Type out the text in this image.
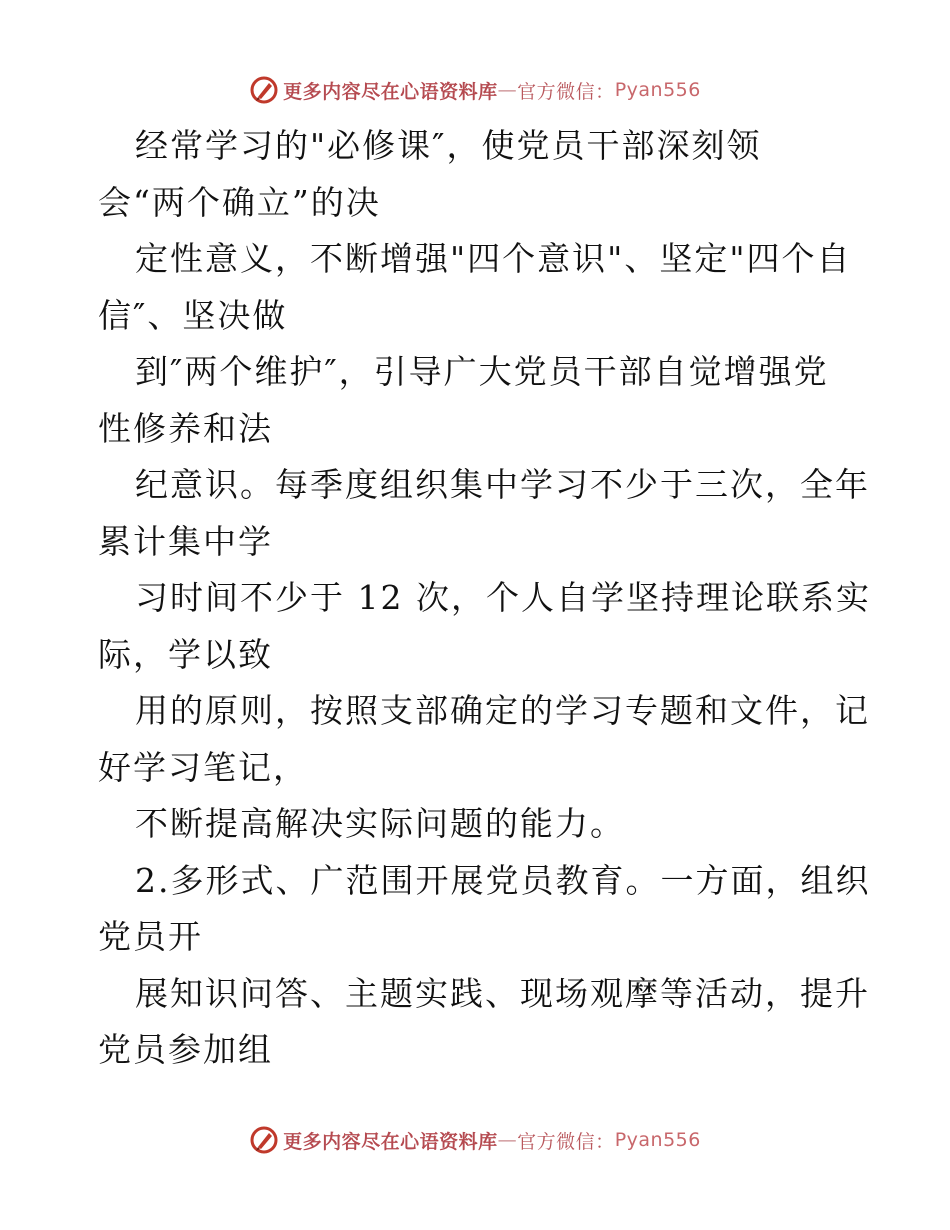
更多内容尽在心语资料库 — 官方微信： Pyan556
经常学习的"必修课″，使党员干部深刻领
会“两个确立”的决
定性意义，不断增强"四个意识"、坚定"四个自
信″、坚决做
到″两个维护″，引导广大党员干部自觉增强党
性修养和法
纪意识。每季度组织集中学习不少于三次，全年
累计集中学
习时间不少于 12 次，个人自学坚持理论联系实
际，学以致
用的原则，按照支部确定的学习专题和文件，记
好学习笔记，
不断提高解决实际问题的能力。
2.多形式、广范围开展党员教育。一方面，组织
党员开
展知识问答、主题实践、现场观摩等活动，提升
党员参加组
更多内容尽在心语资料库 — 官方微信： Pyan556
